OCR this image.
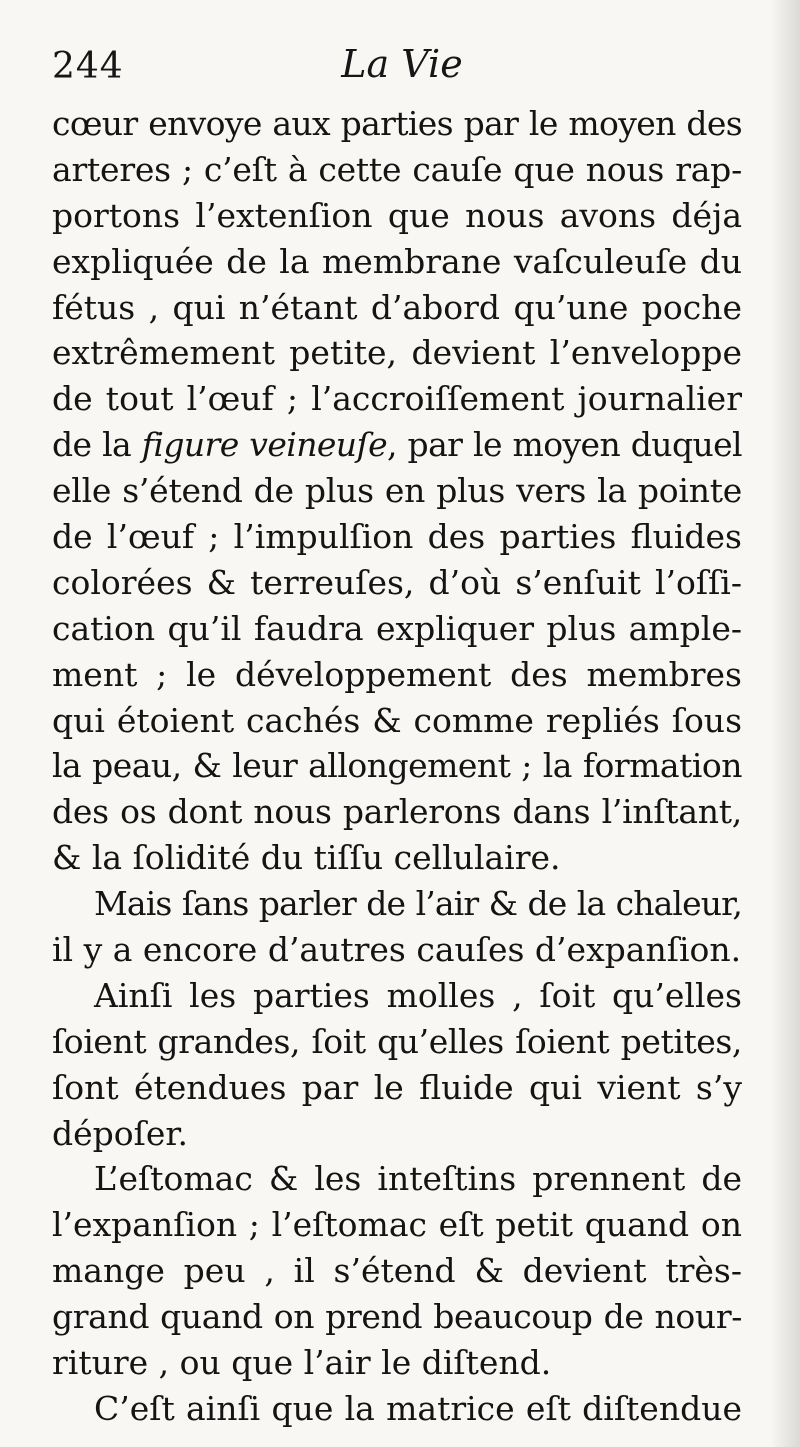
244	La Vie
cœur envoye aux parties par le moyen des
arteres ; c’eſt à cette cauſe que nous rap-
portons l’extenſion que nous avons déja
expliquée de la membrane vaſculeuſe du
fétus , qui n’étant d’abord qu’une poche
extrêmement petite, devient l’enveloppe
de tout l’œuf ; l’accroiſſement journalier
de la figure veineuſe, par le moyen duquel
elle s’étend de plus en plus vers la pointe
de l’œuf ; l’impulſion des parties fluides
colorées & terreuſes, d’où s’enſuit l’oſſi-
cation qu’il faudra expliquer plus ample-
ment ; le développement des membres
qui étoient cachés & comme repliés ſous
la peau, & leur allongement ; la formation
des os dont nous parlerons dans l’inſtant,
& la ſolidité du tiſſu cellulaire.
Mais ſans parler de l’air & de la chaleur,
il y a encore d’autres cauſes d’expanſion.
Ainſi les parties molles , ſoit qu’elles
ſoient grandes, ſoit qu’elles ſoient petites,
ſont étendues par le fluide qui vient s’y
dépoſer.
L’eſtomac & les inteſtins prennent de
l’expanſion ; l’eſtomac eſt petit quand on
mange peu , il s’étend & devient très-
grand quand on prend beaucoup de nour-
riture , ou que l’air le diſtend.
C’eſt ainſi que la matrice eſt diſtendue
